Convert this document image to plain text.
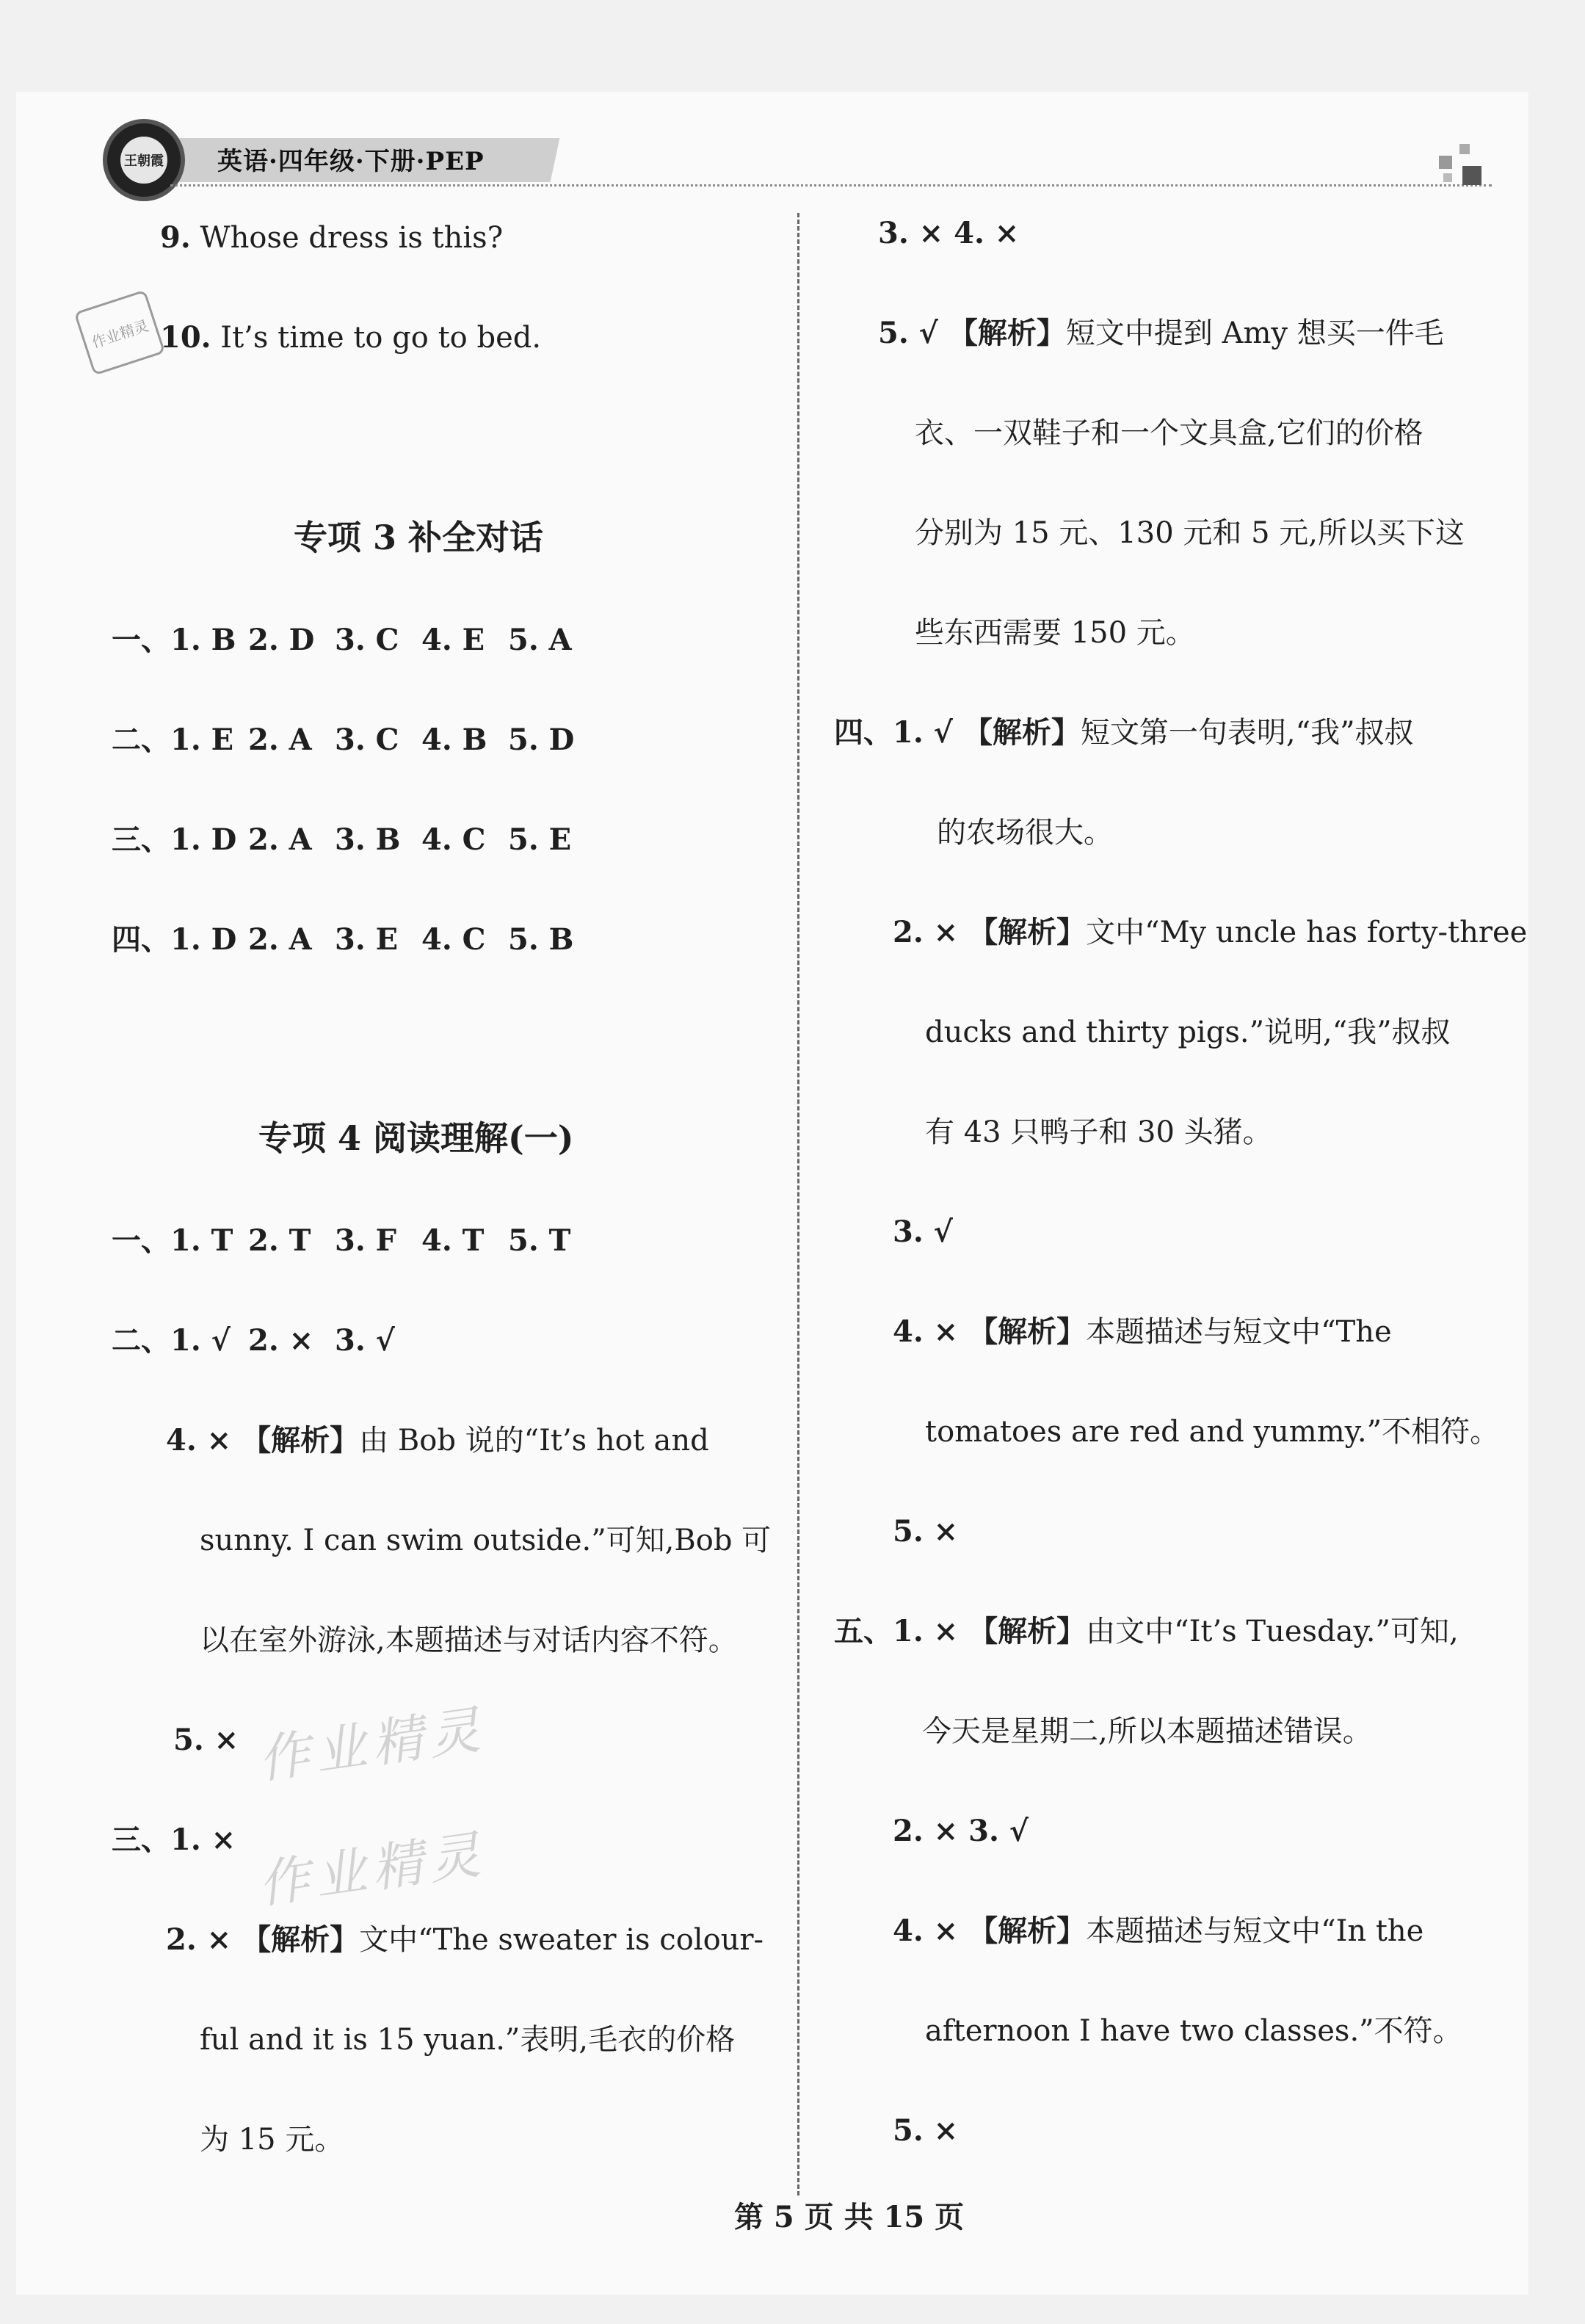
王朝霞 英语·四年级·下册·PEP
作业精灵
作业精灵
作业精灵
9. Whose dress is this?
10. It’s time to go to bed.
专项 3 补全对话
一、1. B 2. D 3. C 4. E 5. A
二、1. E 2. A 3. C 4. B 5. D
三、1. D 2. A 3. B 4. C 5. E
四、1. D 2. A 3. E 4. C 5. B
专项 4 阅读理解(一)
一、1. T 2. T 3. F 4. T 5. T
二、1. √ 2. × 3. √
4. × 【解析】由 Bob 说的“It’s hot and
sunny. I can swim outside.”可知,Bob 可
以在室外游泳,本题描述与对话内容不符。
5. ×
三、1. ×
2. × 【解析】文中“The sweater is colour-
ful and it is 15 yuan.”表明,毛衣的价格
为 15 元。
3. × 4. ×
5. √ 【解析】短文中提到 Amy 想买一件毛
衣、一双鞋子和一个文具盒,它们的价格
分别为 15 元、130 元和 5 元,所以买下这
些东西需要 150 元。
四、1. √ 【解析】短文第一句表明,“我”叔叔
的农场很大。
2. × 【解析】文中“My uncle has forty-three
ducks and thirty pigs.”说明,“我”叔叔
有 43 只鸭子和 30 头猪。
3. √
4. × 【解析】本题描述与短文中“The
tomatoes are red and yummy.”不相符。
5. ×
五、1. × 【解析】由文中“It’s Tuesday.”可知,
今天是星期二,所以本题描述错误。
2. × 3. √
4. × 【解析】本题描述与短文中“In the
afternoon I have two classes.”不符。
5. ×
第 5 页 共 15 页
